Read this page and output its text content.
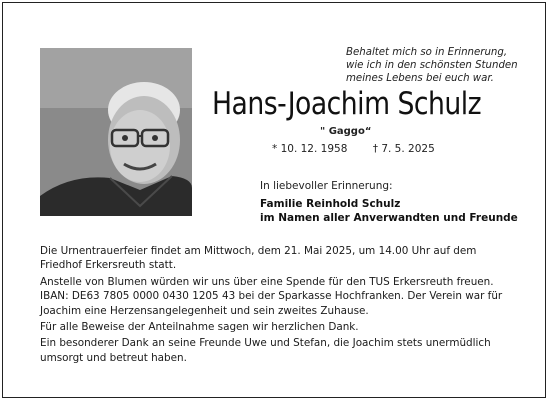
Behaltet mich so in Erinnerung,
wie ich in den schönsten Stunden
meines Lebens bei euch war.
Hans-Joachim Schulz
" Gaggo“
* 10. 12. 1958 † 7. 5. 2025
In liebevoller Erinnerung:
Familie Reinhold Schulz
im Namen aller Anverwandten und Freunde

Die Urnentrauerfeier findet am Mittwoch, dem 21. Mai 2025, um 14.00 Uhr auf dem Friedhof Erkersreuth statt.

Anstelle von Blumen würden wir uns über eine Spende für den TUS Erkersreuth freuen. IBAN: DE63 7805 0000 0430 1205 43 bei der Sparkasse Hochfranken. Der Verein war für Joachim eine Herzensangelegenheit und sein zweites Zuhause.

Für alle Beweise der Anteilnahme sagen wir herzlichen Dank.

Ein besonderer Dank an seine Freunde Uwe und Stefan, die Joachim stets unermüdlich umsorgt und betreut haben.
